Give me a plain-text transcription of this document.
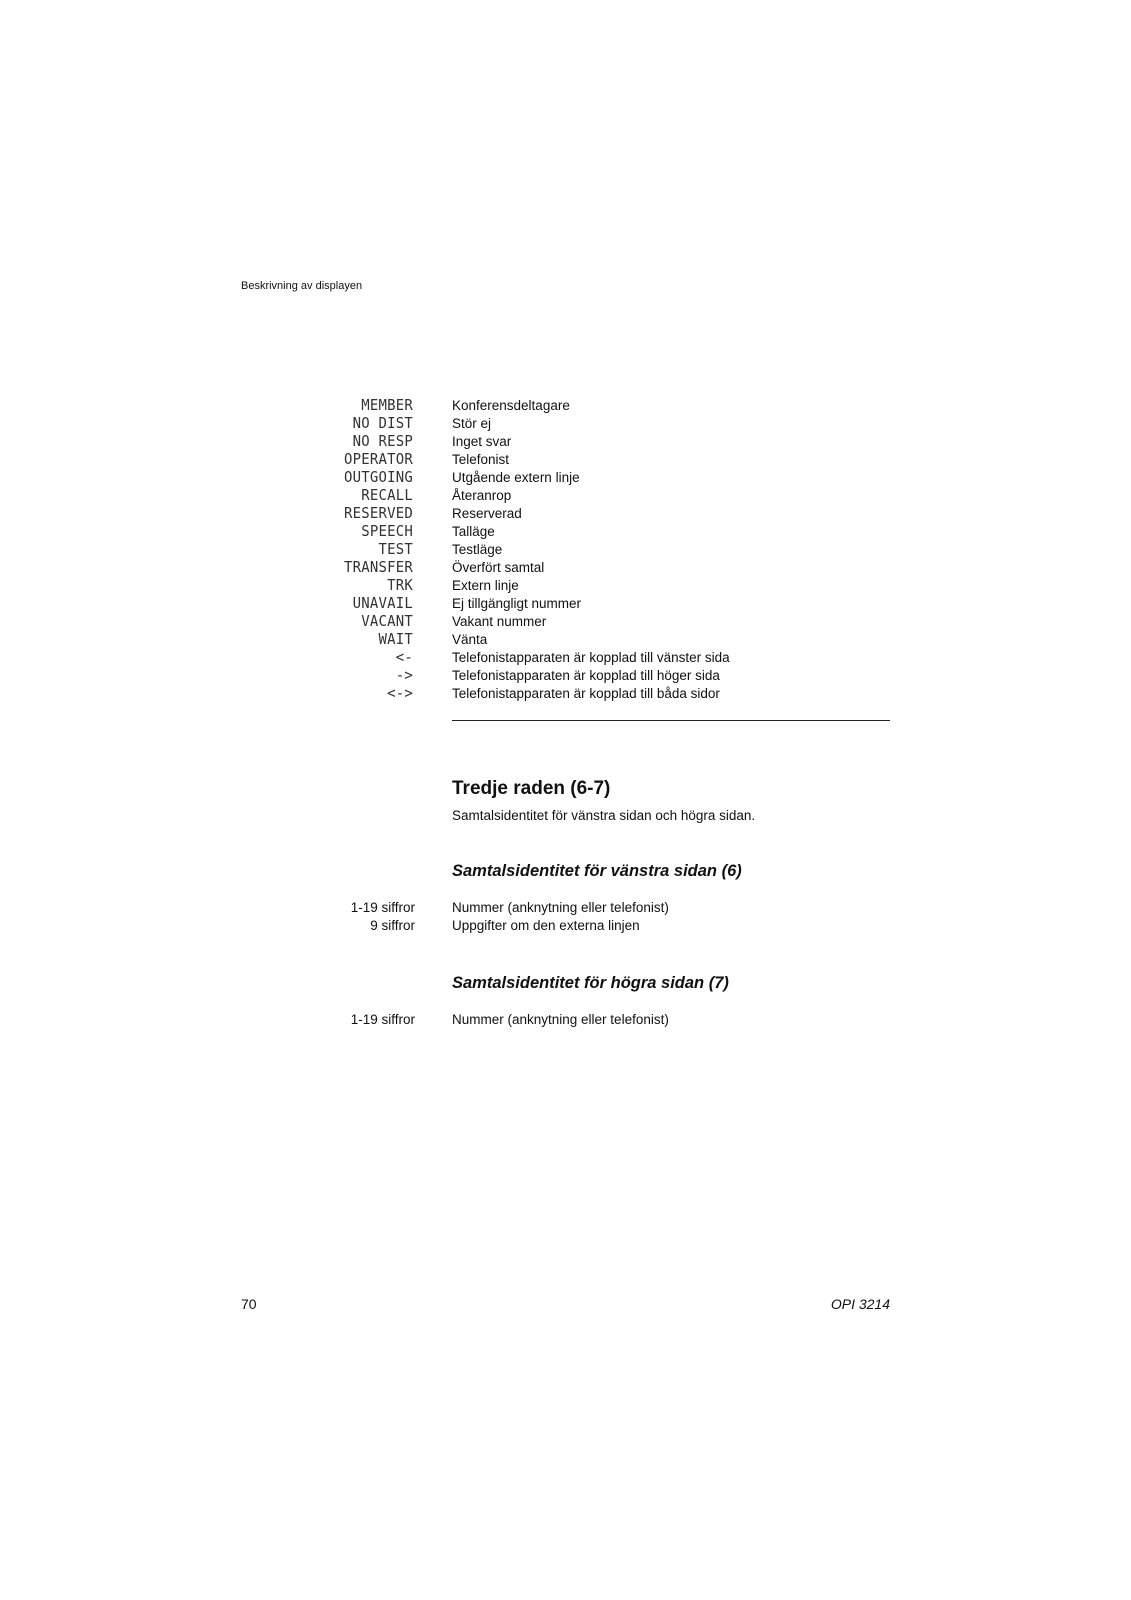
Beskrivning av displayen
Tredje raden (6-7)
Samtalsidentitet för vänstra sidan och högra sidan.
Samtalsidentitet för vänstra sidan (6)
1-19 siffror	Nummer (anknytning eller telefonist)
9 siffror	Uppgifter om den externa linjen
Samtalsidentitet för högra sidan (7)
1-19 siffror	Nummer (anknytning eller telefonist)
70	OPI 3214
MEMBER	Konferensdeltagare
NO DIST	Stör ej
NO RESP	Inget svar
OPERATOR	Telefonist
OUTGOING	Utgående extern linje
RECALL	Återanrop
RESERVED	Reserverad
SPEECH	Talläge
TEST	Testläge
TRANSFER	Överfört samtal
TRK	Extern linje
UNAVAIL	Ej tillgängligt nummer
VACANT	Vakant nummer
WAIT	Vänta
<-	Telefonistapparaten är kopplad till vänster sida
->	Telefonistapparaten är kopplad till höger sida
<->	Telefonistapparaten är kopplad till båda sidor
